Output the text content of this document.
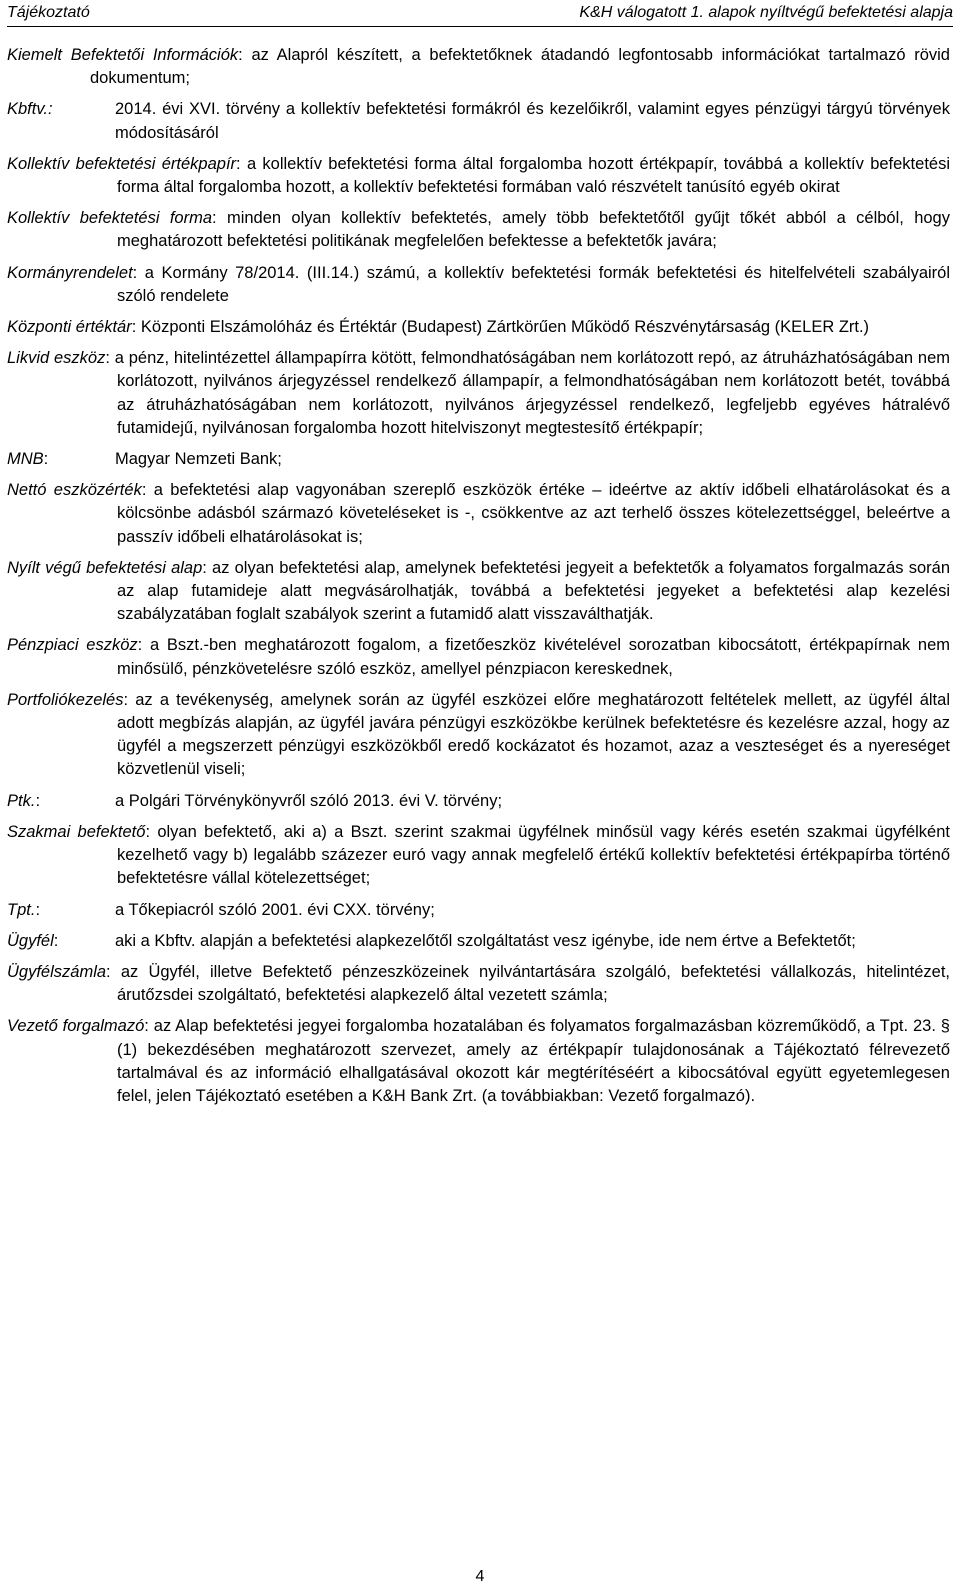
Tájékoztató	K&H válogatott 1. alapok nyíltvégű befektetési alapja

Kiemelt Befektetői Információk: az Alapról készített, a befektetőknek átadandó legfontosabb információkat tartalmazó rövid dokumentum;

Kbftv.:	2014. évi XVI. törvény a kollektív befektetési formákról és kezelőikről, valamint egyes pénzügyi tárgyú törvények módosításáról

Kollektív befektetési értékpapír: a kollektív befektetési forma által forgalomba hozott értékpapír, továbbá a kollektív befektetési forma által forgalomba hozott, a kollektív befektetési formában való részvételt tanúsító egyéb okirat

Kollektív befektetési forma: minden olyan kollektív befektetés, amely több befektetőtől gyűjt tőkét abból a célból, hogy meghatározott befektetési politikának megfelelően befektesse a befektetők javára;

Kormányrendelet: a Kormány 78/2014. (III.14.) számú, a kollektív befektetési formák befektetési és hitelfelvételi szabályairól szóló rendelete

Központi értéktár: Központi Elszámolóház és Értéktár (Budapest) Zártkörűen Működő Részvénytársaság (KELER Zrt.)

Likvid eszköz: a pénz, hitelintézettel állampapírra kötött, felmondhatóságában nem korlátozott repó, az átruházhatóságában nem korlátozott, nyilvános árjegyzéssel rendelkező állampapír, a felmondhatóságában nem korlátozott betét, továbbá az átruházhatóságában nem korlátozott, nyilvános árjegyzéssel rendelkező, legfeljebb egyéves hátralévő futamidejű, nyilvánosan forgalomba hozott hitelviszonyt megtestesítő értékpapír;

MNB:	Magyar Nemzeti Bank;

Nettó eszközérték: a befektetési alap vagyonában szereplő eszközök értéke – ideértve az aktív időbeli elhatárolásokat és a kölcsönbe adásból származó követeléseket is -, csökkentve az azt terhelő összes kötelezettséggel, beleértve a passzív időbeli elhatárolásokat is;

Nyílt végű befektetési alap: az olyan befektetési alap, amelynek befektetési jegyeit a befektetők a folyamatos forgalmazás során az alap futamideje alatt megvásárolhatják, továbbá a befektetési jegyeket a befektetési alap kezelési szabályzatában foglalt szabályok szerint a futamidő alatt visszaválthatják.

Pénzpiaci eszköz: a Bszt.-ben meghatározott fogalom, a fizetőeszköz kivételével sorozatban kibocsátott, értékpapírnak nem minősülő, pénzkövetelésre szóló eszköz, amellyel pénzpiacon kereskednek,

Portfoliókezelés: az a tevékenység, amelynek során az ügyfél eszközei előre meghatározott feltételek mellett, az ügyfél által adott megbízás alapján, az ügyfél javára pénzügyi eszközökbe kerülnek befektetésre és kezelésre azzal, hogy az ügyfél a megszerzett pénzügyi eszközökből eredő kockázatot és hozamot, azaz a veszteséget és a nyereséget közvetlenül viseli;

Ptk.:	a Polgári Törvénykönyvről szóló 2013. évi V. törvény;

Szakmai befektető: olyan befektető, aki a) a Bszt. szerint szakmai ügyfélnek minősül vagy kérés esetén szakmai ügyfélként kezelhető vagy b) legalább százezer euró vagy annak megfelelő értékű kollektív befektetési értékpapírba történő befektetésre vállal kötelezettséget;

Tpt.:	a Tőkepiacról szóló 2001. évi CXX. törvény;

Ügyfél:	aki a Kbftv. alapján a befektetési alapkezelőtől szolgáltatást vesz igénybe, ide nem értve a Befektetőt;

Ügyfélszámla: az Ügyfél, illetve Befektető pénzeszközeinek nyilvántartására szolgáló, befektetési vállalkozás, hitelintézet, árutőzsdei szolgáltató, befektetési alapkezelő által vezetett számla;

Vezető forgalmazó: az Alap befektetési jegyei forgalomba hozatalában és folyamatos forgalmazásban közreműködő, a Tpt. 23. § (1) bekezdésében meghatározott szervezet, amely az értékpapír tulajdonosának a Tájékoztató félrevezető tartalmával és az információ elhallgatásával okozott kár megtérítéséért a kibocsátóval együtt egyetemlegesen felel, jelen Tájékoztató esetében a K&H Bank Zrt. (a továbbiakban: Vezető forgalmazó).

4
